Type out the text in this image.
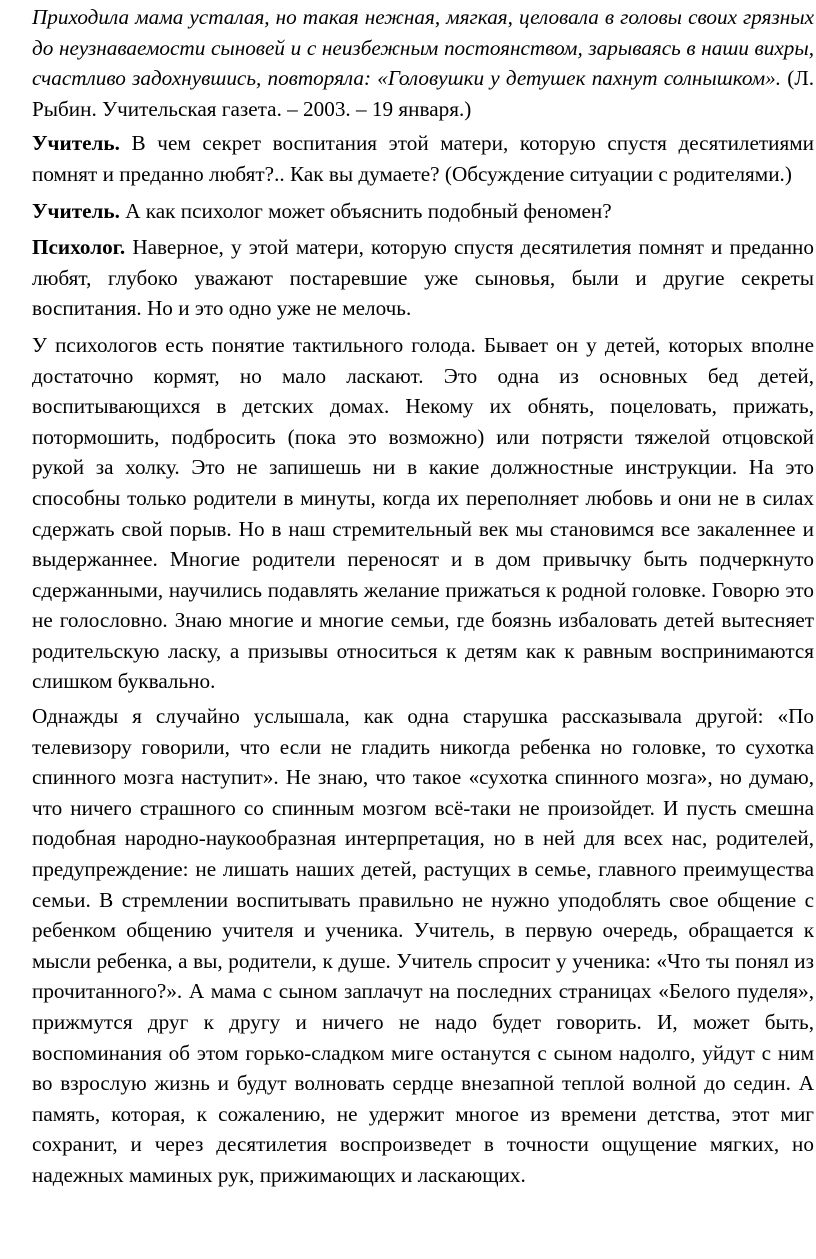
Приходила мама усталая, но такая нежная, мягкая, целовала в головы своих грязных до неузнаваемости сыновей и с неизбежным постоянством, зарываясь в наши вихры, счастливо задохнувшись, повторяла: «Головушки у детушек пахнут солнышком». (Л. Рыбин. Учительская газета. – 2003. – 19 января.)

Учитель. В чем секрет воспитания этой матери, которую спустя десятилетиями помнят и преданно любят?.. Как вы думаете? (Обсуждение ситуации с родителями.)

Учитель. А как психолог может объяснить подобный феномен?

Психолог. Наверное, у этой матери, которую спустя десятилетия помнят и преданно любят, глубоко уважают постаревшие уже сыновья, были и другие секреты воспитания. Но и это одно уже не мелочь.

У психологов есть понятие тактильного голода. Бывает он у детей, которых вполне достаточно кормят, но мало ласкают. Это одна из основных бед детей, воспитывающихся в детских домах. Некому их обнять, поцеловать, прижать, потормошить, подбросить (пока это возможно) или потрясти тяжелой отцовской рукой за холку. Это не запишешь ни в какие должностные инструкции. На это способны только родители в минуты, когда их переполняет любовь и они не в силах сдержать свой порыв. Но в наш стремительный век мы становимся все закаленнее и выдержаннее. Многие родители переносят и в дом привычку быть подчеркнуто сдержанными, научились подавлять желание прижаться к родной головке. Говорю это не голословно. Знаю многие и многие семьи, где боязнь избаловать детей вытесняет родительскую ласку, а призывы относиться к детям как к равным воспринимаются слишком буквально.

Однажды я случайно услышала, как одна старушка рассказывала другой: «По телевизору говорили, что если не гладить никогда ребенка но головке, то сухотка спинного мозга наступит». Не знаю, что такое «сухотка спинного мозга», но думаю, что ничего страшного со спинным мозгом всё-таки не произойдет. И пусть смешна подобная народно-наукообразная интерпретация, но в ней для всех нас, родителей, предупреждение: не лишать наших детей, растущих в семье, главного преимущества семьи. В стремлении воспитывать правильно не нужно уподоблять свое общение с ребенком общению учителя и ученика. Учитель, в первую очередь, обращается к мысли ребенка, а вы, родители, к душе. Учитель спросит у ученика: «Что ты понял из прочитанного?». А мама с сыном заплачут на последних страницах «Белого пуделя», прижмутся друг к другу и ничего не надо будет говорить. И, может быть, воспоминания об этом горько-сладком миге останутся с сыном надолго, уйдут с ним во взрослую жизнь и будут волновать сердце внезапной теплой волной до седин. А память, которая, к сожалению, не удержит многое из времени детства, этот миг сохранит, и через десятилетия воспроизведет в точности ощущение мягких, но надежных маминых рук, прижимающих и ласкающих.
